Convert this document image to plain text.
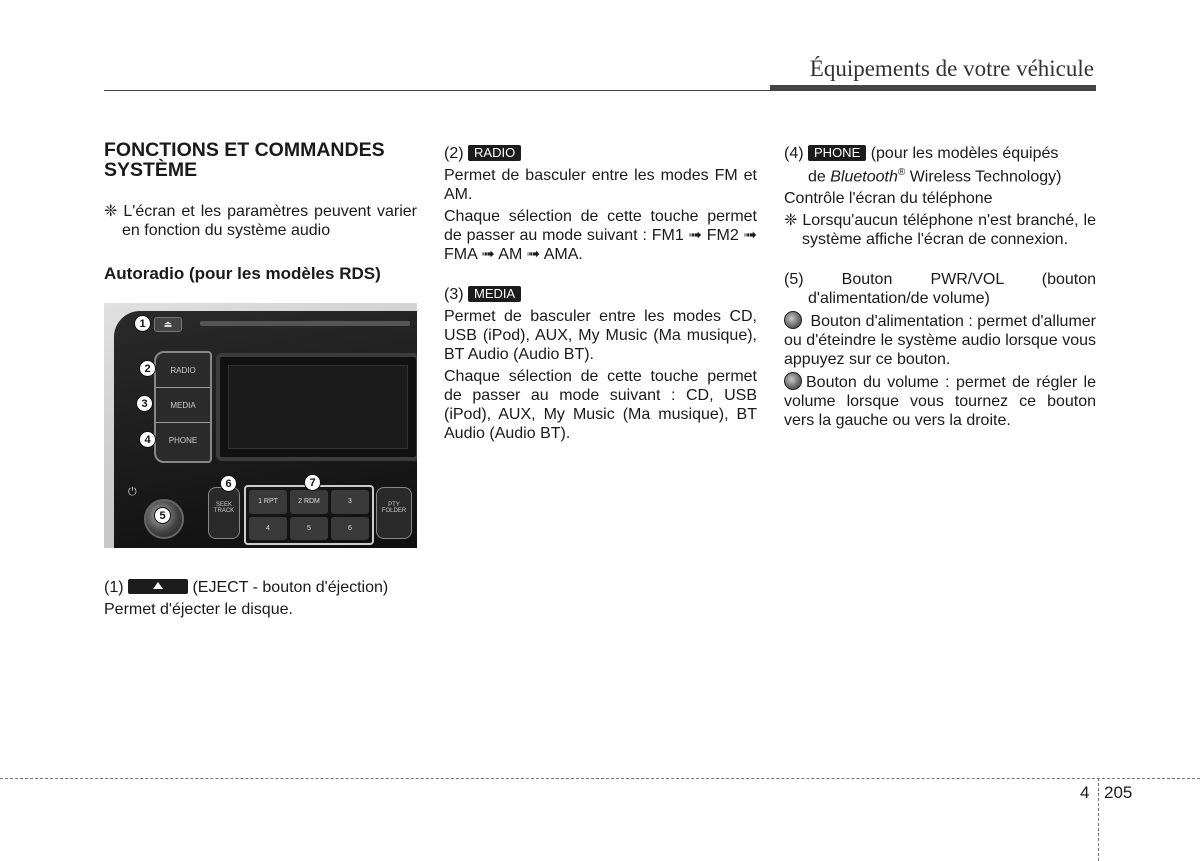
Équipements de votre véhicule
FONCTIONS ET COMMANDES SYSTÈME
❈ L'écran et les paramètres peuvent varier en fonction du système audio
Autoradio (pour les modèles RDS)
⏏
RADIO
MEDIA
PHONE
⏻
SEEK TRACK
1 RPT	2 RDM	3
4	5	6
PTY FOLDER
1
2
3
4
5
6	7
(1)	(EJECT - bouton d'éjection)
Permet d'éjecter le disque.
(2) RADIO
Permet de basculer entre les modes FM et AM.
Chaque sélection de cette touche permet de passer au mode suivant : FM1 ➟ FM2 ➟ FMA ➟ AM ➟ AMA.
(3) MEDIA
Permet de basculer entre les modes CD, USB (iPod), AUX, My Music (Ma musique), BT Audio (Audio BT).
Chaque sélection de cette touche permet de passer au mode suivant : CD, USB (iPod), AUX, My Music (Ma musique), BT Audio (Audio BT).
(4) PHONE (pour les modèles équipés
de Bluetooth® Wireless Technology)
Contrôle l'écran du téléphone
❈ Lorsqu'aucun téléphone n'est branché, le système affiche l'écran de connexion.
(5) Bouton PWR/VOL (bouton d'alimentation/de volume)
Bouton d'alimentation : permet d'allumer ou d'éteindre le système audio lorsque vous appuyez sur ce bouton.
Bouton du volume : permet de régler le volume lorsque vous tournez ce bouton vers la gauche ou vers la droite.
4 205
